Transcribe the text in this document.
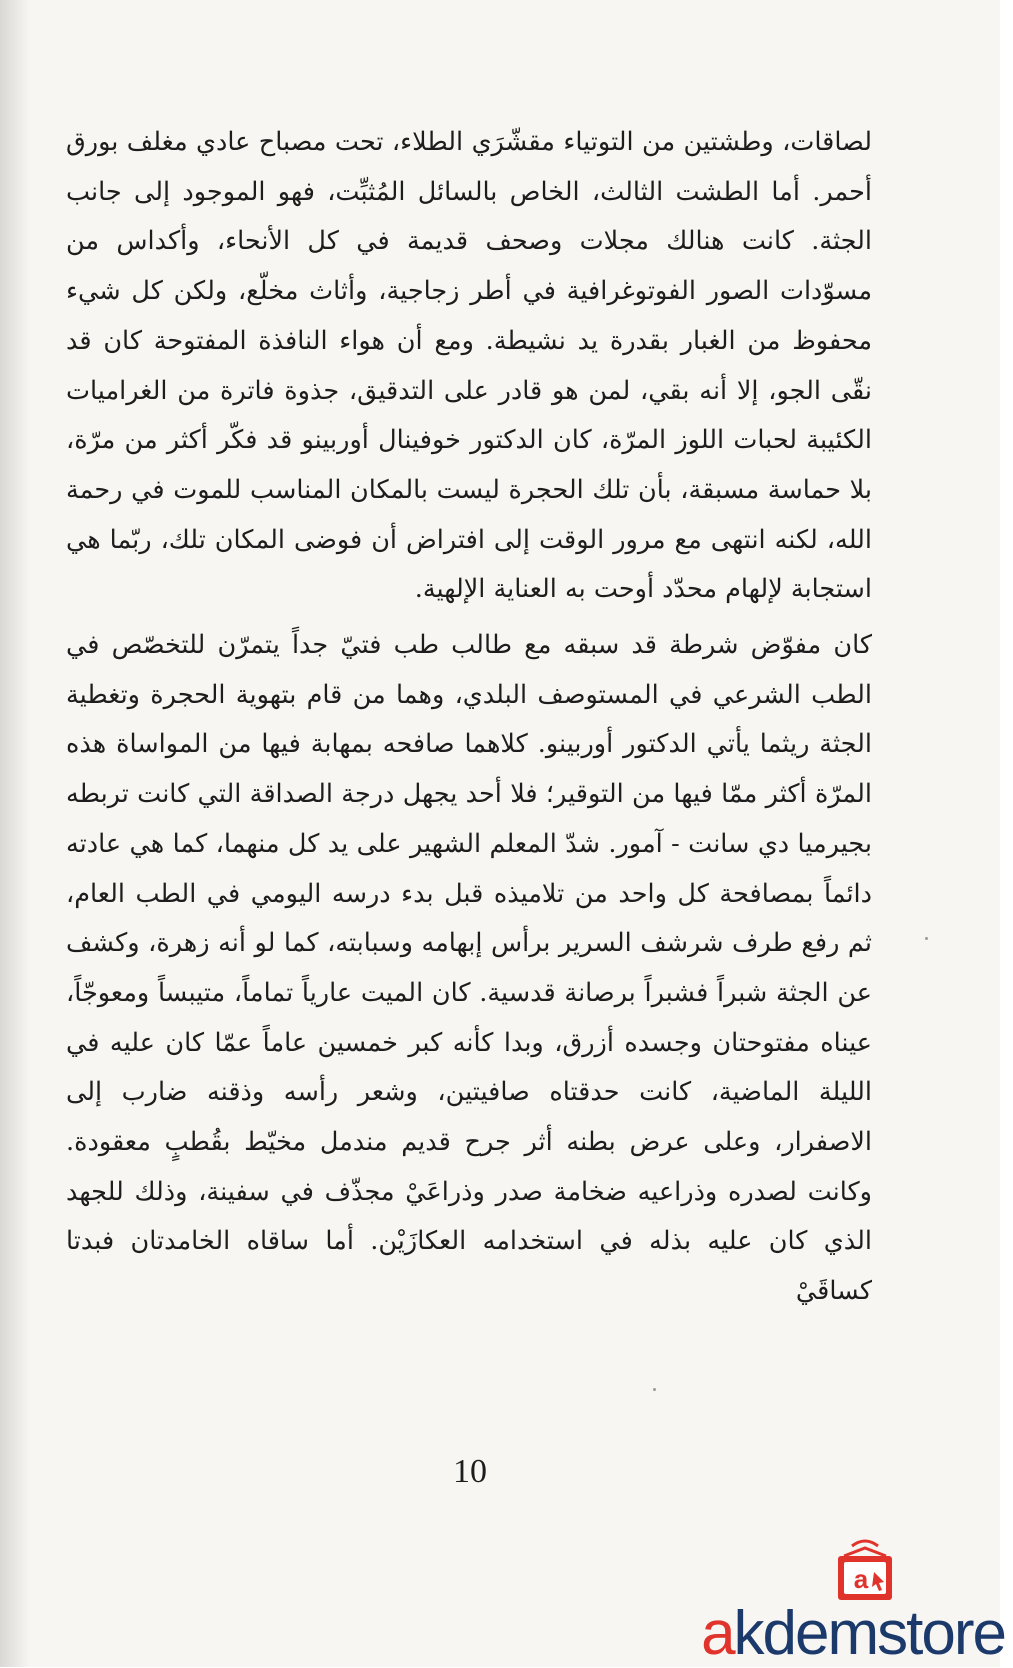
لصاقات، وطشتين من التوتياء مقشّرَي الطلاء، تحت مصباح عادي مغلف بورق أحمر. أما الطشت الثالث، الخاص بالسائل المُثبِّت، فهو الموجود إلى جانب الجثة. كانت هنالك مجلات وصحف قديمة في كل الأنحاء، وأكداس من مسوّدات الصور الفوتوغرافية في أطر زجاجية، وأثاث مخلّع، ولكن كل شيء محفوظ من الغبار بقدرة يد نشيطة. ومع أن هواء النافذة المفتوحة كان قد نقّى الجو، إلا أنه بقي، لمن هو قادر على التدقيق، جذوة فاترة من الغراميات الكئيبة لحبات اللوز المرّة، كان الدكتور خوفينال أوربينو قد فكّر أكثر من مرّة، بلا حماسة مسبقة، بأن تلك الحجرة ليست بالمكان المناسب للموت في رحمة الله، لكنه انتهى مع مرور الوقت إلى افتراض أن فوضى المكان تلك، ربّما هي استجابة لإلهام محدّد أوحت به العناية الإلهية.

كان مفوّض شرطة قد سبقه مع طالب طب فتيّ جداً يتمرّن للتخصّص في الطب الشرعي في المستوصف البلدي، وهما من قام بتهوية الحجرة وتغطية الجثة ريثما يأتي الدكتور أوربينو. كلاهما صافحه بمهابة فيها من المواساة هذه المرّة أكثر ممّا فيها من التوقير؛ فلا أحد يجهل درجة الصداقة التي كانت تربطه بجيرميا دي سانت - آمور. شدّ المعلم الشهير على يد كل منهما، كما هي عادته دائماً بمصافحة كل واحد من تلاميذه قبل بدء درسه اليومي في الطب العام، ثم رفع طرف شرشف السرير برأس إبهامه وسبابته، كما لو أنه زهرة، وكشف عن الجثة شبراً فشبراً برصانة قدسية. كان الميت عارياً تماماً، متيبساً ومعوجّاً، عيناه مفتوحتان وجسده أزرق، وبدا كأنه كبر خمسين عاماً عمّا كان عليه في الليلة الماضية، كانت حدقتاه صافيتين، وشعر رأسه وذقنه ضارب إلى الاصفرار، وعلى عرض بطنه أثر جرح قديم مندمل مخيّط بقُطبٍ معقودة. وكانت لصدره وذراعيه ضخامة صدر وذراعَيْ مجذّف في سفينة، وذلك للجهد الذي كان عليه بذله في استخدامه العكازَيْن. أما ساقاه الخامدتان فبدتا كساقَيْ

10
a
akdemstore
